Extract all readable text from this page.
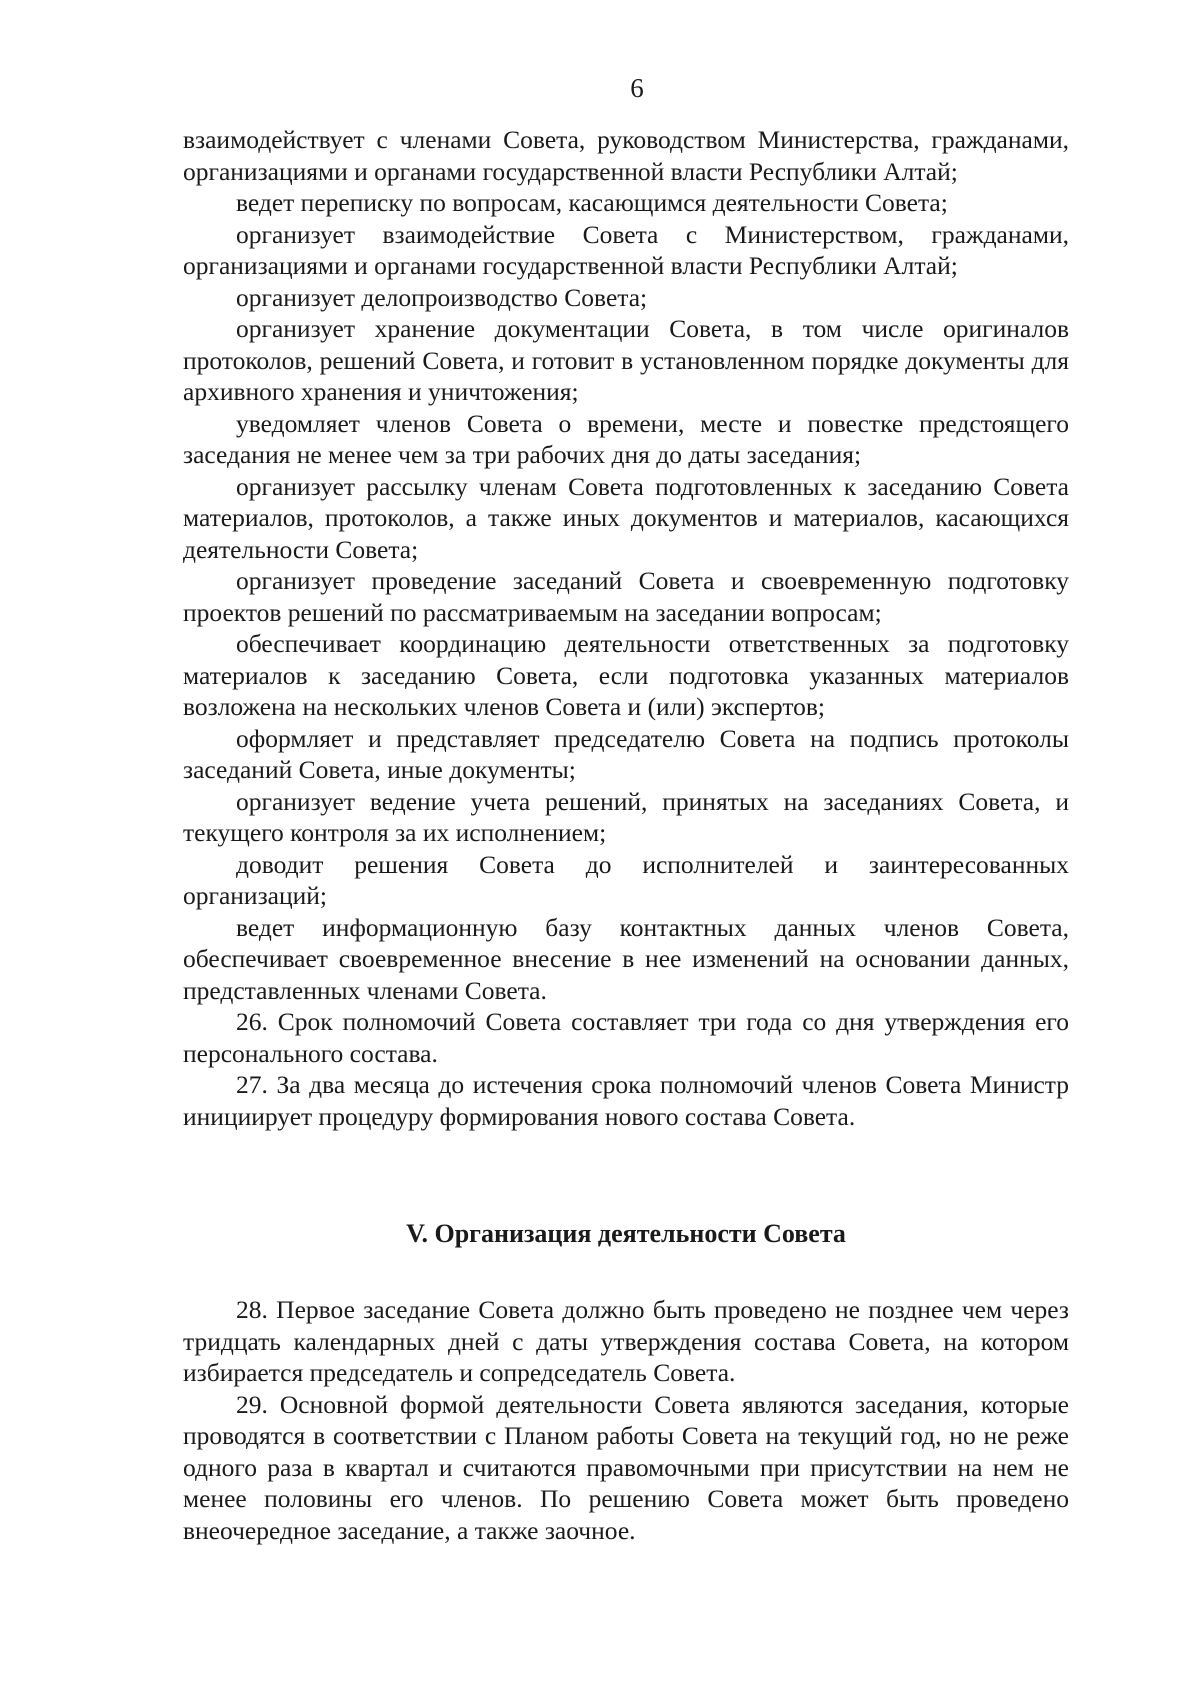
6

взаимодействует с членами Совета, руководством Министерства, гражданами, организациями и органами государственной власти Республики Алтай;

ведет переписку по вопросам, касающимся деятельности Совета;

организует взаимодействие Совета с Министерством, гражданами, организациями и органами государственной власти Республики Алтай;

организует делопроизводство Совета;

организует хранение документации Совета, в том числе оригиналов протоколов, решений Совета, и готовит в установленном порядке документы для архивного хранения и уничтожения;

уведомляет членов Совета о времени, месте и повестке предстоящего заседания не менее чем за три рабочих дня до даты заседания;

организует рассылку членам Совета подготовленных к заседанию Совета материалов, протоколов, а также иных документов и материалов, касающихся деятельности Совета;

организует проведение заседаний Совета и своевременную подготовку проектов решений по рассматриваемым на заседании вопросам;

обеспечивает координацию деятельности ответственных за подготовку материалов к заседанию Совета, если подготовка указанных материалов возложена на нескольких членов Совета и (или) экспертов;

оформляет и представляет председателю Совета на подпись протоколы заседаний Совета, иные документы;

организует ведение учета решений, принятых на заседаниях Совета, и текущего контроля за их исполнением;

доводит решения Совета до исполнителей и заинтересованных организаций;

ведет информационную базу контактных данных членов Совета, обеспечивает своевременное внесение в нее изменений на основании данных, представленных членами Совета.

26. Срок полномочий Совета составляет три года со дня утверждения его персонального состава.

27. За два месяца до истечения срока полномочий членов Совета Министр инициирует процедуру формирования нового состава Совета.

V. Организация деятельности Совета

28. Первое заседание Совета должно быть проведено не позднее чем через тридцать календарных дней с даты утверждения состава Совета, на котором избирается председатель и сопредседатель Совета.

29. Основной формой деятельности Совета являются заседания, которые проводятся в соответствии с Планом работы Совета на текущий год, но не реже одного раза в квартал и считаются правомочными при присутствии на нем не менее половины его членов. По решению Совета может быть проведено внеочередное заседание, а также заочное.
